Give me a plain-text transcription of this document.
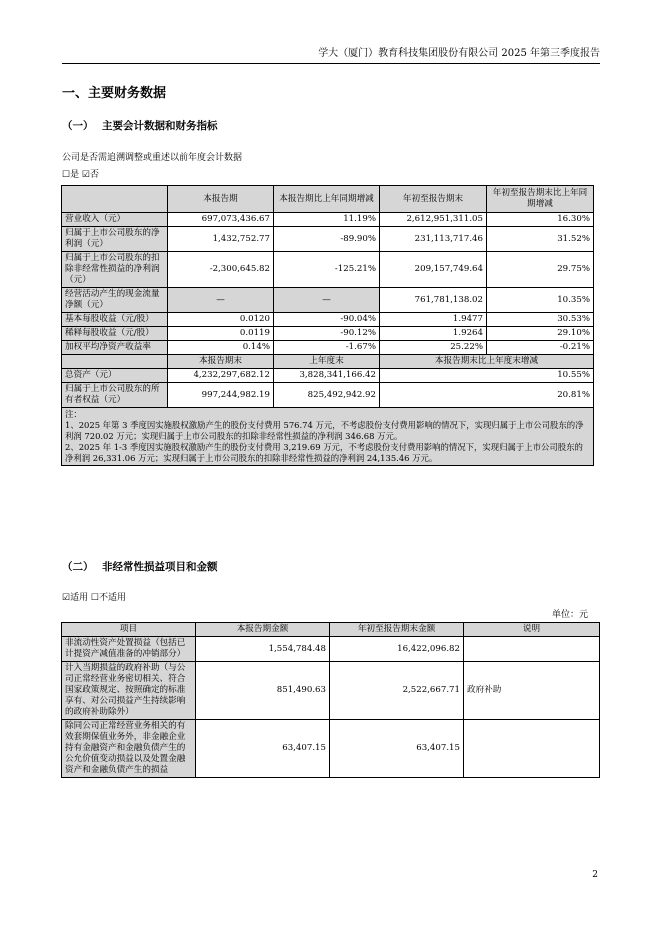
学大（厦门）教育科技集团股份有限公司 2025 年第三季度报告
一、主要财务数据
（一） 主要会计数据和财务指标
公司是否需追溯调整或重述以前年度会计数据
☐是 ☑否
	本报告期	本报告期比上年同期增减	年初至报告期末	年初至报告期末比上年同期增减
营业收入（元）	697,073,436.67	11.19%	2,612,951,311.05	16.30%
归属于上市公司股东的净利润（元）	1,432,752.77	-89.90%	231,113,717.46	31.52%
归属于上市公司股东的扣除非经常性损益的净利润（元）	-2,300,645.82	-125.21%	209,157,749.64	29.75%
经营活动产生的现金流量净额（元）	—	—	761,781,138.02	10.35%
基本每股收益（元/股）	0.0120	-90.04%	1.9477	30.53%
稀释每股收益（元/股）	0.0119	-90.12%	1.9264	29.10%
加权平均净资产收益率	0.14%	-1.67%	25.22%	-0.21%
	本报告期末	上年度末	本报告期末比上年度末增减	
总资产（元）	4,232,297,682.12	3,828,341,166.42	10.55%	
归属于上市公司股东的所有者权益（元）	997,244,982.19	825,492,942.92	20.81%	

注：
1、2025 年第 3 季度因实施股权激励产生的股份支付费用 576.74 万元，不考虑股份支付费用影响的情况下，实现归属于上市公司股东的净利润 720.02 万元；实现归属于上市公司股东的扣除非经常性损益的净利润 346.68 万元。
2、2025 年 1-3 季度因实施股权激励产生的股份支付费用 3,219.69 万元，不考虑股份支付费用影响的情况下，实现归属于上市公司股东的净利润 26,331.06 万元；实现归属于上市公司股东的扣除非经常性损益的净利润 24,135.46 万元。				
（二） 非经常性损益项目和金额
☑适用 ☐不适用
单位：元
项目	本报告期金额	年初至报告期末金额	说明
非流动性资产处置损益（包括已计提资产减值准备的冲销部分）	1,554,784.48	16,422,096.82	
计入当期损益的政府补助（与公司正常经营业务密切相关、符合国家政策规定、按照确定的标准享有、对公司损益产生持续影响的政府补助除外）	851,490.63	2,522,667.71	政府补助
除同公司正常经营业务相关的有效套期保值业务外，非金融企业持有金融资产和金融负债产生的公允价值变动损益以及处置金融资产和金融负债产生的损益	63,407.15	63,407.15	
2
